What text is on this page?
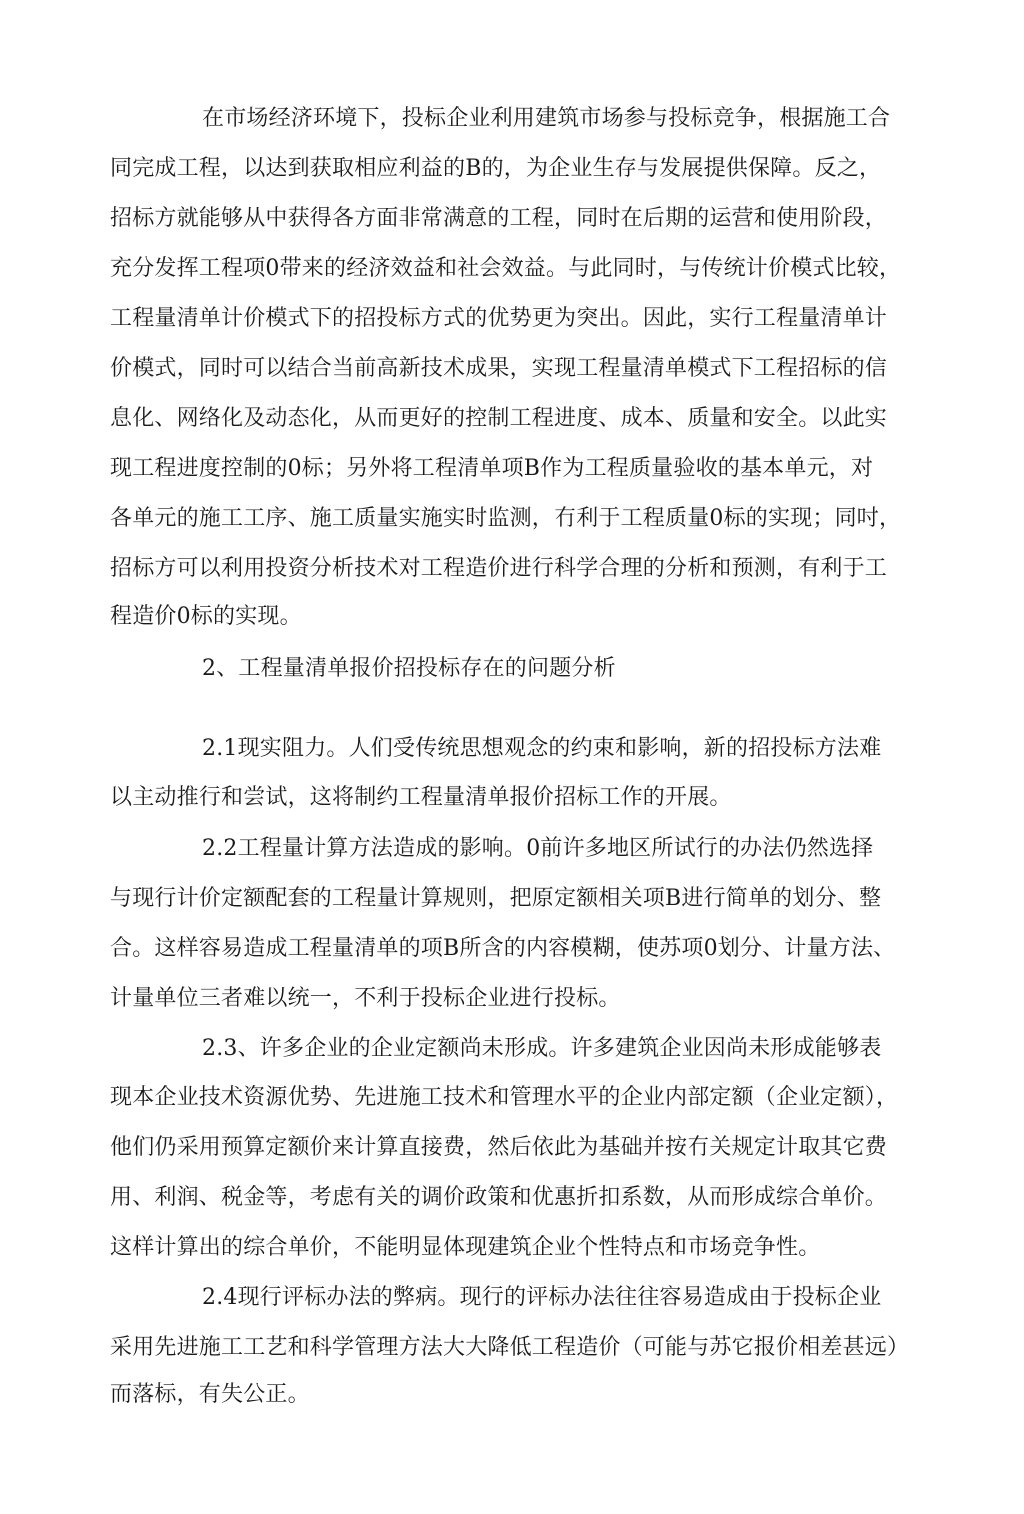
在市场经济环境下，投标企业利用建筑市场参与投标竞争，根据施工合
同完成工程，以达到获取相应利益的B的，为企业生存与发展提供保障。反之，
招标方就能够从中获得各方面非常满意的工程，同时在后期的运营和使用阶段，
充分发挥工程项0带来的经济效益和社会效益。与此同时，与传统计价模式比较，
工程量清单计价模式下的招投标方式的优势更为突出。因此，实行工程量清单计
价模式，同时可以结合当前高新技术成果，实现工程量清单模式下工程招标的信
息化、网络化及动态化，从而更好的控制工程进度、成本、质量和安全。以此实
现工程进度控制的0标；另外将工程清单项B作为工程质量验收的基本单元，对
各单元的施工工序、施工质量实施实时监测，冇利于工程质量0标的实现；同吋，
招标方可以利用投资分析技术对工程造价进行科学合理的分析和预测，有利于工
程造价0标的实现。
2、工程量清单报价招投标存在的问题分析
2.1现实阻力。人们受传统思想观念的约束和影响，新的招投标方法难
以主动推行和尝试，这将制约工程量清单报价招标工作的开展。
2.2工程量计算方法造成的影响。0前许多地区所试行的办法仍然选择
与现行计价定额配套的工程量计算规则，把原定额相关项B进行简单的划分、整
合。这样容易造成工程量清单的项B所含的内容模糊，使苏项0划分、计量方法、
计量单位三者难以统一，不利于投标企业进行投标。
2.3、许多企业的企业定额尚未形成。许多建筑企业因尚未形成能够表
现本企业技术资源优势、先进施工技术和管理水平的企业内部定额（企业定额），
他们仍采用预算定额价来计算直接费，然后依此为基础并按冇关规定计取其它费
用、利润、税金等，考虑有关的调价政策和优惠折扣系数，从而形成综合单价。
这样计算出的综合单价，不能明显体现建筑企业个性特点和市场竞争性。
2.4现行评标办法的弊病。现行的评标办法往往容易造成由于投标企业
采用先进施工工艺和科学管理方法大大降低工程造价（可能与苏它报价相差甚远）
而落标，有失公正。
